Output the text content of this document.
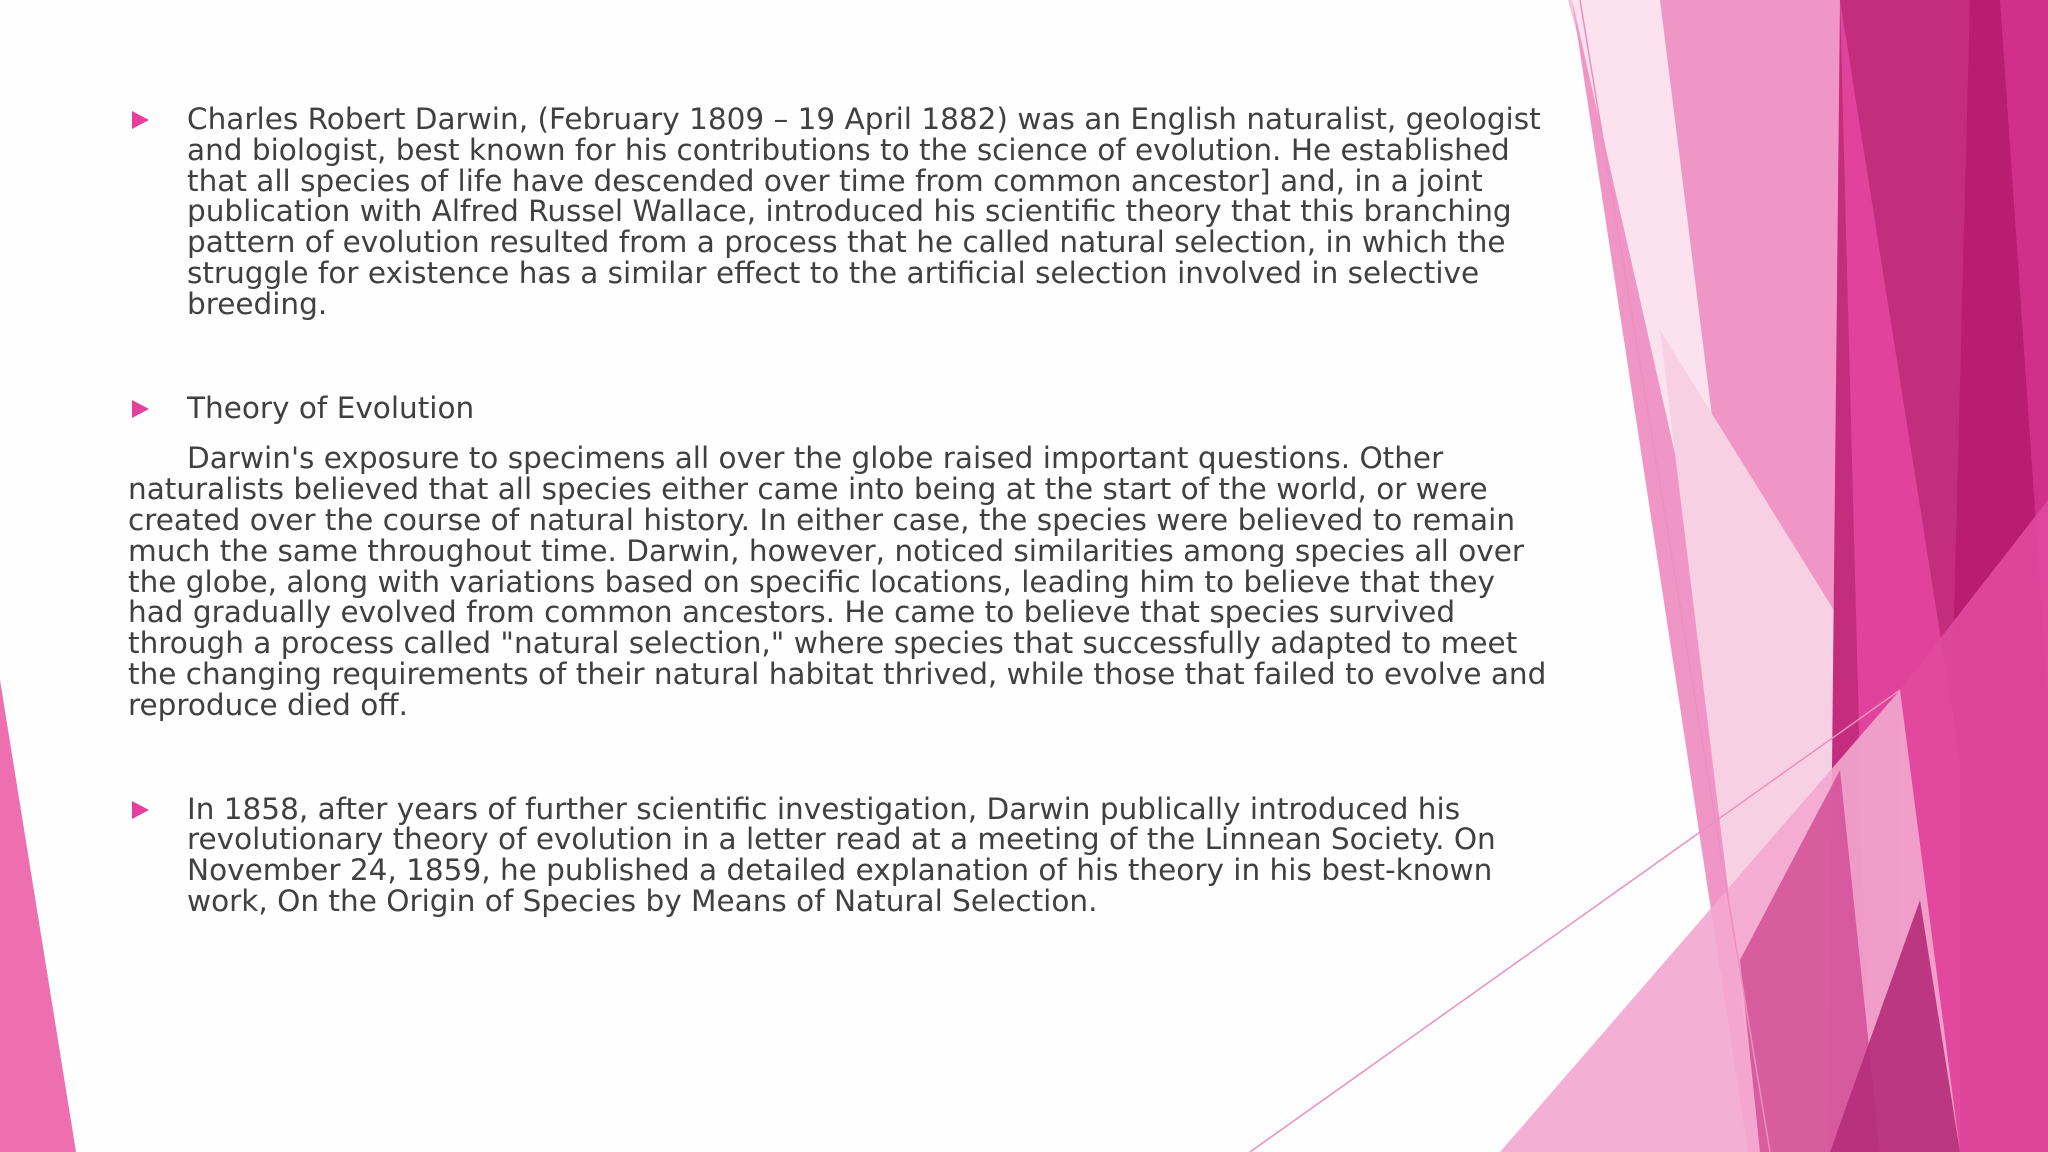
Charles Robert Darwin, (February 1809 – 19 April 1882) was an English naturalist, geologist and biologist, best known for his contributions to the science of evolution. He established that all species of life have descended over time from common ancestor] and, in a joint publication with Alfred Russel Wallace, introduced his scientific theory that this branching pattern of evolution resulted from a process that he called natural selection, in which the struggle for existence has a similar effect to the artificial selection involved in selective breeding.
Theory of Evolution
Darwin's exposure to specimens all over the globe raised important questions. Other naturalists believed that all species either came into being at the start of the world, or were created over the course of natural history. In either case, the species were believed to remain much the same throughout time. Darwin, however, noticed similarities among species all over the globe, along with variations based on specific locations, leading him to believe that they had gradually evolved from common ancestors. He came to believe that species survived through a process called "natural selection," where species that successfully adapted to meet the changing requirements of their natural habitat thrived, while those that failed to evolve and reproduce died off.
In 1858, after years of further scientific investigation, Darwin publically introduced his revolutionary theory of evolution in a letter read at a meeting of the Linnean Society. On November 24, 1859, he published a detailed explanation of his theory in his best-known work, On the Origin of Species by Means of Natural Selection.
